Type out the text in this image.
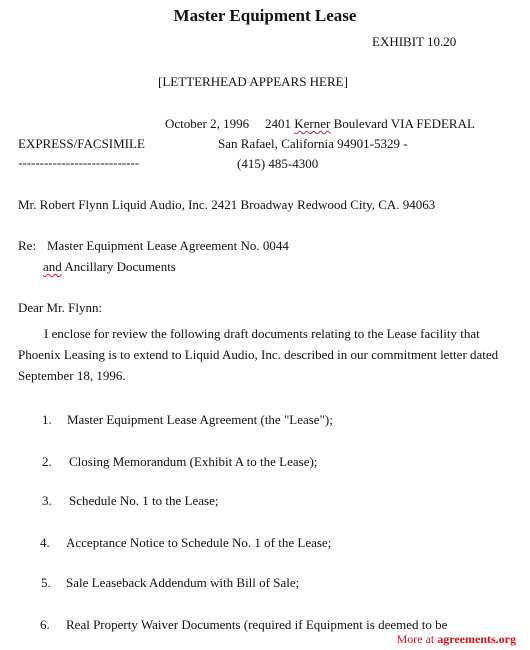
Master Equipment Lease
EXHIBIT 10.20
[LETTERHEAD APPEARS HERE]
October 2, 1996 2401 Kerner Boulevard VIA FEDERAL
EXPRESS/FACSIMILE	San Rafael, California 94901-5329 -
----------------------------	(415) 485-4300
Mr. Robert Flynn Liquid Audio, Inc. 2421 Broadway Redwood City, CA. 94063
Re: Master Equipment Lease Agreement No. 0044
and Ancillary Documents
Dear Mr. Flynn:
I enclose for review the following draft documents relating to the Lease facility that Phoenix Leasing is to extend to Liquid Audio, Inc. described in our commitment letter dated September 18, 1996.
1. Master Equipment Lease Agreement (the "Lease");
2. Closing Memorandum (Exhibit A to the Lease);
3. Schedule No. 1 to the Lease;
4. Acceptance Notice to Schedule No. 1 of the Lease;
5. Sale Leaseback Addendum with Bill of Sale;
6. Real Property Waiver Documents (required if Equipment is deemed to be
More at agreements.org
